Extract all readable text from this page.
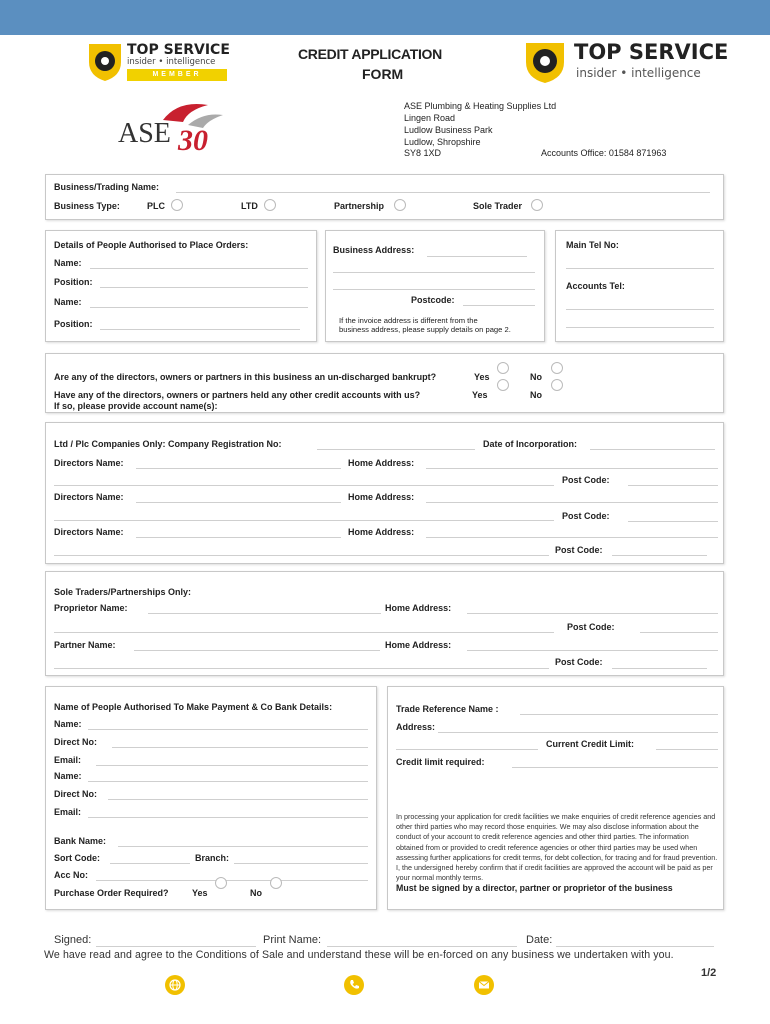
TOP SERVICE
insider • intelligence
MEMBER
CREDIT APPLICATION
FORM
TOP SERVICE
insider • intelligence
ASE 30
ASE Plumbing & Heating Supplies Ltd
Lingen Road
Ludlow Business Park
Ludlow, Shropshire
SY8 1XD	Accounts Office: 01584 871963
Business/Trading Name:
Business Type:	PLC	LTD	Partnership	Sole Trader
Details of People Authorised to Place Orders:
Name:
Position:
Name:
Position:
Business Address:
Postcode:
If the invoice address is different from the
business address, please supply details on page 2.
Main Tel No:
Accounts Tel:
Are any of the directors, owners or partners in this business an un-discharged bankrupt?	Yes	No
Have any of the directors, owners or partners held any other credit accounts with us?
If so, please provide account name(s):
Yes	No
Ltd / Plc Companies Only: Company Registration No:	Date of Incorporation:
Directors Name:	Home Address:
Post Code:
Directors Name:	Home Address:
Post Code:
Directors Name:	Home Address:
Post Code:
Sole Traders/Partnerships Only:
Proprietor Name:	Home Address:
Post Code:
Partner Name:	Home Address:
Post Code:
Name of People Authorised To Make Payment & Co Bank Details:
Name:
Direct No:
Email:
Name:
Direct No:
Email:
Bank Name:
Sort Code:	Branch:
Acc No:
Purchase Order Required?	Yes	No
Trade Reference Name :
Address:
Current Credit Limit:
Credit limit required:
In processing your application for credit facilities we make enquiries of credit reference agencies and other third parties who may record those enquiries. We may also disclose information about the conduct of your account to credit reference agencies and other third parties. The information obtained from or provided to credit reference agencies or other third parties may be used when assessing further applications for credit terms, for debt collection, for tracing and for fraud prevention. I, the undersigned hereby confirm that if credit facilities are approved the account will be paid as per your normal monthly terms.
Must be signed by a director, partner or proprietor of the business
Signed:	Print Name:	Date:
We have read and agree to the Conditions of Sale and understand these will be en-forced on any business we undertaken with you.
1/2
